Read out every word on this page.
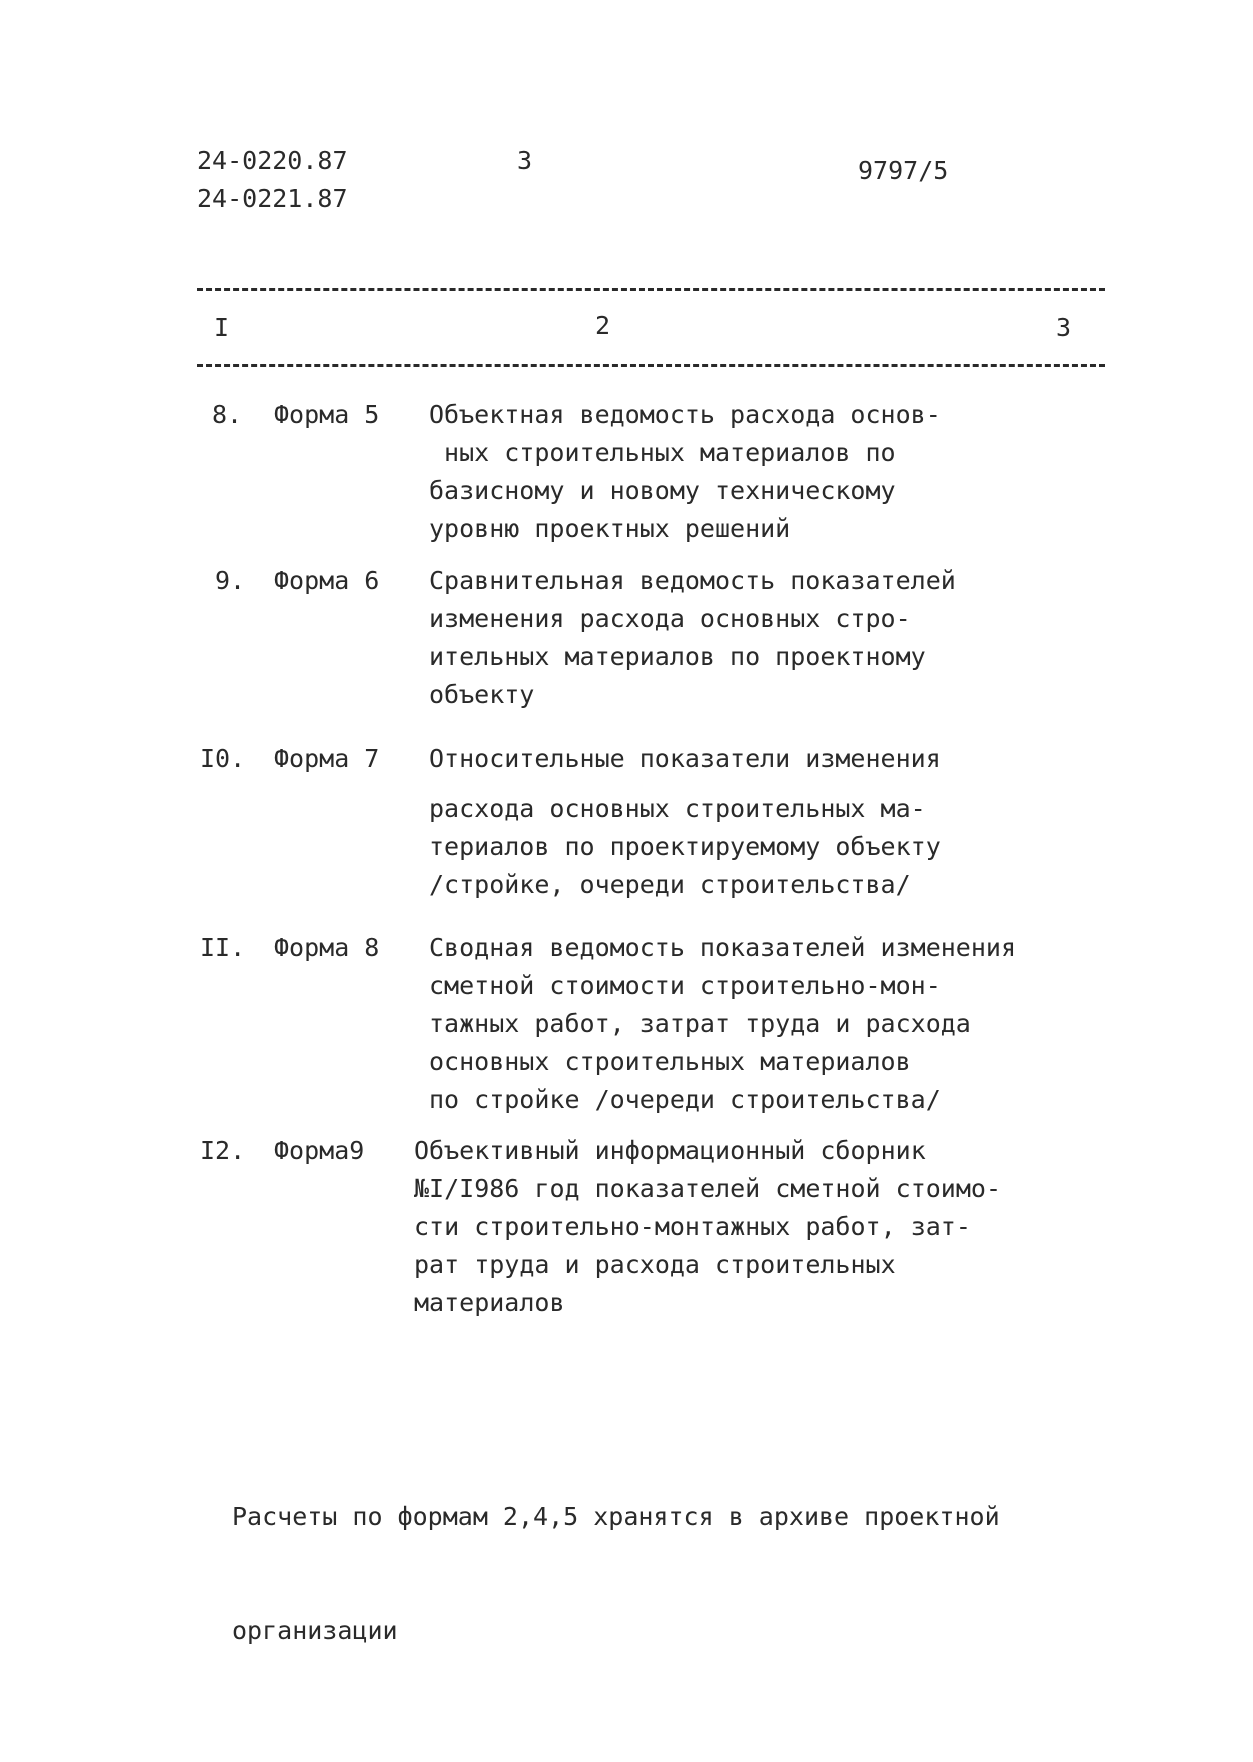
24-0220.87
24-0221.87
3	9797/5
I	2	3
8. Форма 5 Объектная ведомость расхода основ-
ных строительных материалов по
базисному и новому техническому
уровню проектных решений
9. Форма 6 Сравнительная ведомость показателей
изменения расхода основных стро-
ительных материалов по проектному
объекту
I0. Форма 7 Относительные показатели изменения
расхода основных строительных ма-
териалов по проектируемому объекту
/стройке, очереди строительства/
II. Форма 8 Сводная ведомость показателей изменения
сметной стоимости строительно-мон-
тажных работ, затрат труда и расхода
основных строительных материалов
по стройке /очереди строительства/
I2. Форма9 Объективный информационный сборник
№I/I986 год показателей сметной стоимо-
сти строительно-монтажных работ, зат-
рат труда и расхода строительных
материалов

Расчеты по формам 2,4,5 хранятся в архиве проектной

организации
